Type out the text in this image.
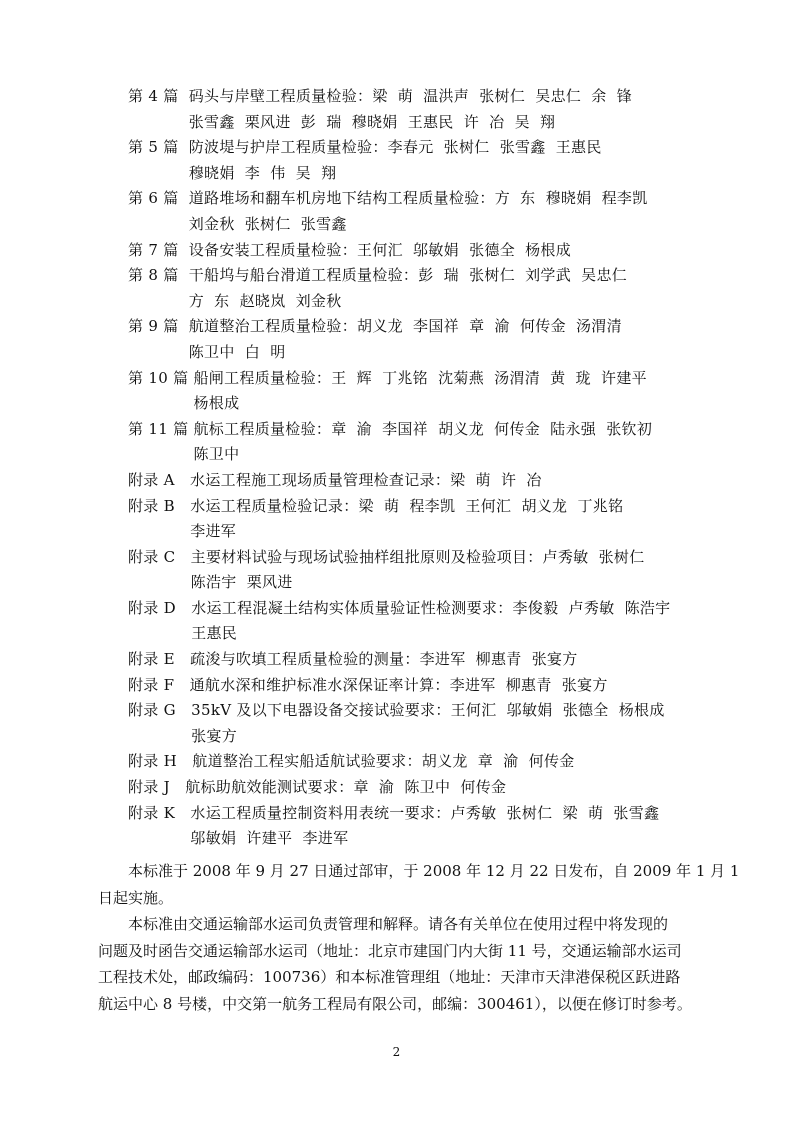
第 4 篇 码头与岸壁工程质量检验：梁  萌  温洪声  张树仁  吴忠仁  余  锋
张雪鑫  栗风进  彭  瑞  穆晓娟  王惠民  许  冶  吴  翔
第 5 篇 防波堤与护岸工程质量检验：李春元  张树仁  张雪鑫  王惠民
穆晓娟  李  伟  吴  翔
第 6 篇 道路堆场和翻车机房地下结构工程质量检验：方  东  穆晓娟  程李凯
刘金秋  张树仁  张雪鑫
第 7 篇 设备安装工程质量检验：王何汇  邬敏娟  张德全  杨根成
第 8 篇 干船坞与船台滑道工程质量检验：彭  瑞  张树仁  刘学武  吴忠仁
方  东  赵晓岚  刘金秋
第 9 篇 航道整治工程质量检验：胡义龙  李国祥  章  渝  何传金  汤渭清
陈卫中  白  明
第 10 篇 船闸工程质量检验：王  辉  丁兆铭  沈菊燕  汤渭清  黄  珑  许建平
杨根成
第 11 篇 航标工程质量检验：章  渝  李国祥  胡义龙  何传金  陆永强  张钦初
陈卫中
附录 A 水运工程施工现场质量管理检查记录：梁  萌  许  冶
附录 B 水运工程质量检验记录：梁  萌  程李凯  王何汇  胡义龙  丁兆铭
李进军
附录 C 主要材料试验与现场试验抽样组批原则及检验项目：卢秀敏  张树仁
陈浩宇  栗风进
附录 D 水运工程混凝土结构实体质量验证性检测要求：李俊毅  卢秀敏  陈浩宇
王惠民
附录 E 疏浚与吹填工程质量检验的测量：李进军  柳惠青  张宴方
附录 F 通航水深和维护标准水深保证率计算：李进军  柳惠青  张宴方
附录 G 35kV 及以下电器设备交接试验要求：王何汇  邬敏娟  张德全  杨根成
张宴方
附录 H 航道整治工程实船适航试验要求：胡义龙  章  渝  何传金
附录 J 航标助航效能测试要求：章  渝  陈卫中  何传金
附录 K 水运工程质量控制资料用表统一要求：卢秀敏  张树仁  梁  萌  张雪鑫
邬敏娟  许建平  李进军

本标准于 2008 年 9 月 27 日通过部审，于 2008 年 12 月 22 日发布，自 2009 年 1 月 1
日起实施。

本标准由交通运输部水运司负责管理和解释。请各有关单位在使用过程中将发现的
问题及时函告交通运输部水运司（地址：北京市建国门内大街 11 号，交通运输部水运司
工程技术处，邮政编码：100736）和本标准管理组（地址：天津市天津港保税区跃进路
航运中心 8 号楼，中交第一航务工程局有限公司，邮编：300461），以便在修订时参考。

2
